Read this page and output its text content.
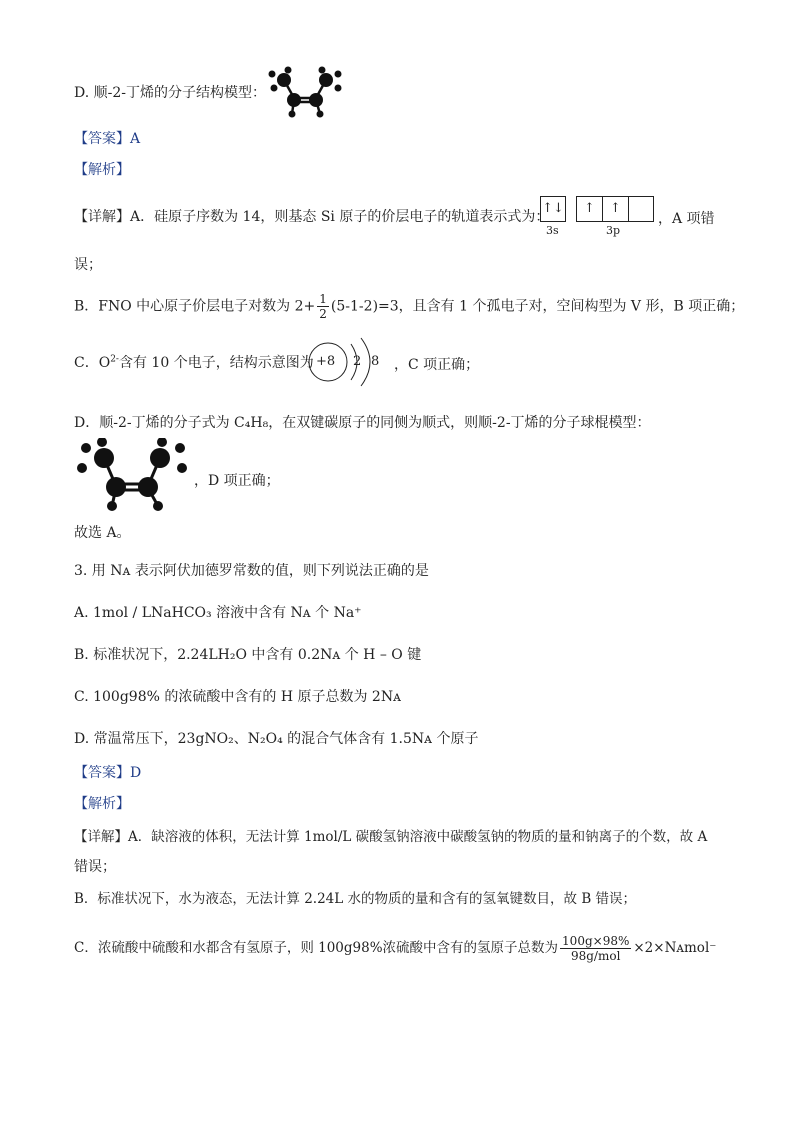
D. 顺-2-丁烯的分子结构模型：
【答案】A
【解析】
【详解】A．硅原子序数为 14，则基态 Si 原子的价层电子的轨道表示式为：
↑↓	↑	↑
3s	3p
，A 项错
误；
B．FNO 中心原子价层电子对数为 $2+ \frac{1}{2} (5-1-2)=3$，且含有 1 个孤电子对，空间构型为 V 形，B 项正确；
C．$O^{2-}$含有 10 个电子，结构示意图为 +8 2 8 ，C 项正确；
D．顺-2-丁烯的分子式为 C₄H₈，在双键碳原子的同侧为顺式，则顺-2-丁烯的分子球棍模型：
，D 项正确；
故选 A。
3. 用 Nᴀ 表示阿伏加德罗常数的值，则下列说法正确的是
A. 1mol / LNaHCO₃ 溶液中含有 Nᴀ 个 Na⁺
B. 标准状况下，2.24LH₂O 中含有 0.2Nᴀ 个 H – O 键
C. 100g98% 的浓硫酸中含有的 H 原子总数为 2Nᴀ
D. 常温常压下，23gNO₂、N₂O₄ 的混合气体含有 1.5Nᴀ 个原子
【答案】D
【解析】
【详解】A．缺溶液的体积，无法计算 1mol/L 碳酸氢钠溶液中碳酸氢钠的物质的量和钠离子的个数，故 A
错误；
B．标准状况下，水为液态，无法计算 2.24L 水的物质的量和含有的氢氧键数目，故 B 错误；
C．浓硫酸中硫酸和水都含有氢原子，则 100g98%浓硫酸中含有的氢原子总数为 $\frac{100g\times 98\%}{\text{98g/mol}}$ ×2×Nᴀmol⁻
